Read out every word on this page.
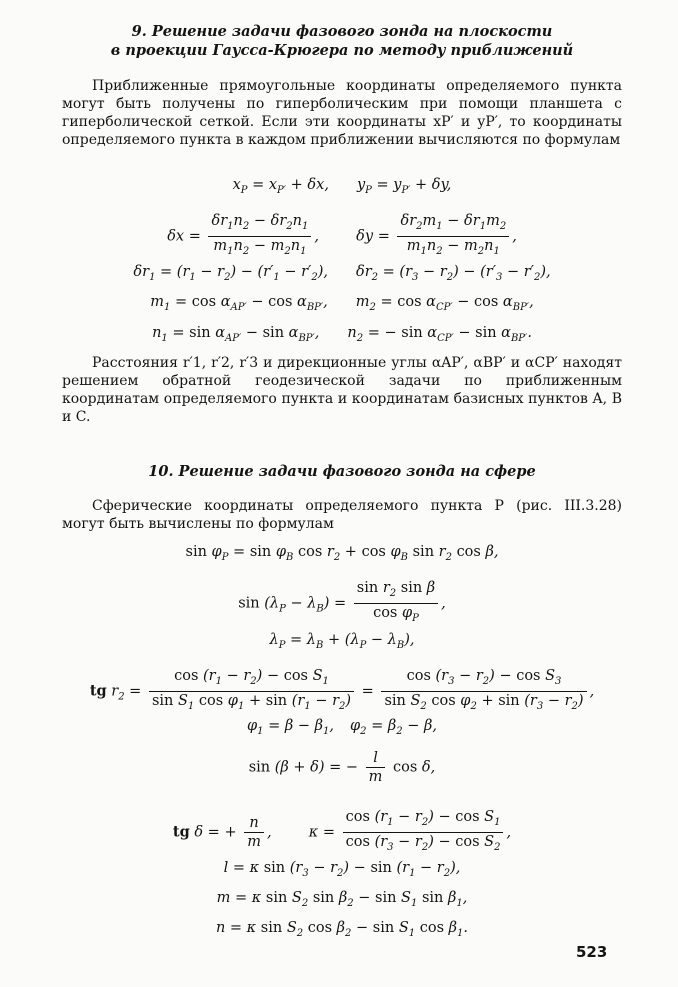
9. Решение задачи фазового зонда на плоскости
в проекции Гаусса-Крюгера по методу приближений

Приближенные прямоугольные координаты определяемого пункта могут быть получены по гиперболическим при помощи планшета с гиперболической сеткой. Если эти координаты xP′ и yP′, то координаты определяемого пункта в каждом приближении вычисляются по формулам

$x_P = x_{P'} + \delta x$, $y_P = y_{P'} + \delta y$,
$\delta x = \frac{\delta r_1n_2 - \delta r_2n_1}{m_1n_2 - m_2n_1}$ ,  $\delta y = \frac{\delta r_2m_1 - \delta r_1m_2}{m_1n_2 - m_2n_1}$ ,
$\delta r_1 = (r_1 - r_2) - (r'_1 - r'_2)$, $\delta r_2 = (r_3 - r_2) - (r'_3 - r'_2)$,
$m_1 = \cos \alpha_{AP'} - \cos \alpha_{BP'}$, $m_2 = \cos \alpha_{CP'} - \cos \alpha_{BP'}$,
$n_1 = \sin \alpha_{AP'} - \sin \alpha_{BP'}$, $n_2$ = − $\sin \alpha_{CP'} - \sin \alpha_{BP'}$.

Расстояния r′1, r′2, r′3 и дирекционные углы αAP′, αBP′ и αCP′ находят решением обратной геодезической задачи по приближенным координатам определяемого пункта и координатам базисных пунктов A, B и C.

10. Решение задачи фазового зонда на сфере

Сферические координаты определяемого пункта P (рис. III.3.28) могут быть вычислены по формулам

$\sin \varphi_P = \sin \varphi_B$ $\cos r_2 + \cos \varphi_B$ $\sin r_2$ cos β,
$\sin (\lambda_P - \lambda_B) = \frac{\sin r_2 \sin \beta}{\cos \varphi_P}$ ,
$\lambda_P = \lambda_B + (\lambda_P - \lambda_B)$,
tg $r_2 = \frac{\cos (r_1 - r_2) - \cos S_1}{\sin S_1 \cos \varphi_1 + \sin (r_1 - r_2)} = \frac{\cos (r_3 - r_2) - \cos S_3}{\sin S_2 \cos \varphi_2 + \sin (r_3 - r_2)}$ ,
$\varphi_1 = \beta - \beta_1$, $\varphi_2 = \beta_2 - \beta$,
sin (β + δ) = − $\frac{l}{m}$ cos δ,
tg δ = + $\frac{n}{m}$ ,  $\kappa = \frac{\cos (r_1 - r_2) - \cos S_1}{\cos (r_3 - r_2) - \cos S_2}$ ,
l = κ $\sin (r_3 - r_2) - \sin (r_1 - r_2)$,
m = κ $\sin S_2$ $\sin \beta_2 - \sin S_1$ $\sin \beta_1$,
n = κ $\sin S_2$ $\cos \beta_2 - \sin S_1$ $\cos \beta_1$.
523
